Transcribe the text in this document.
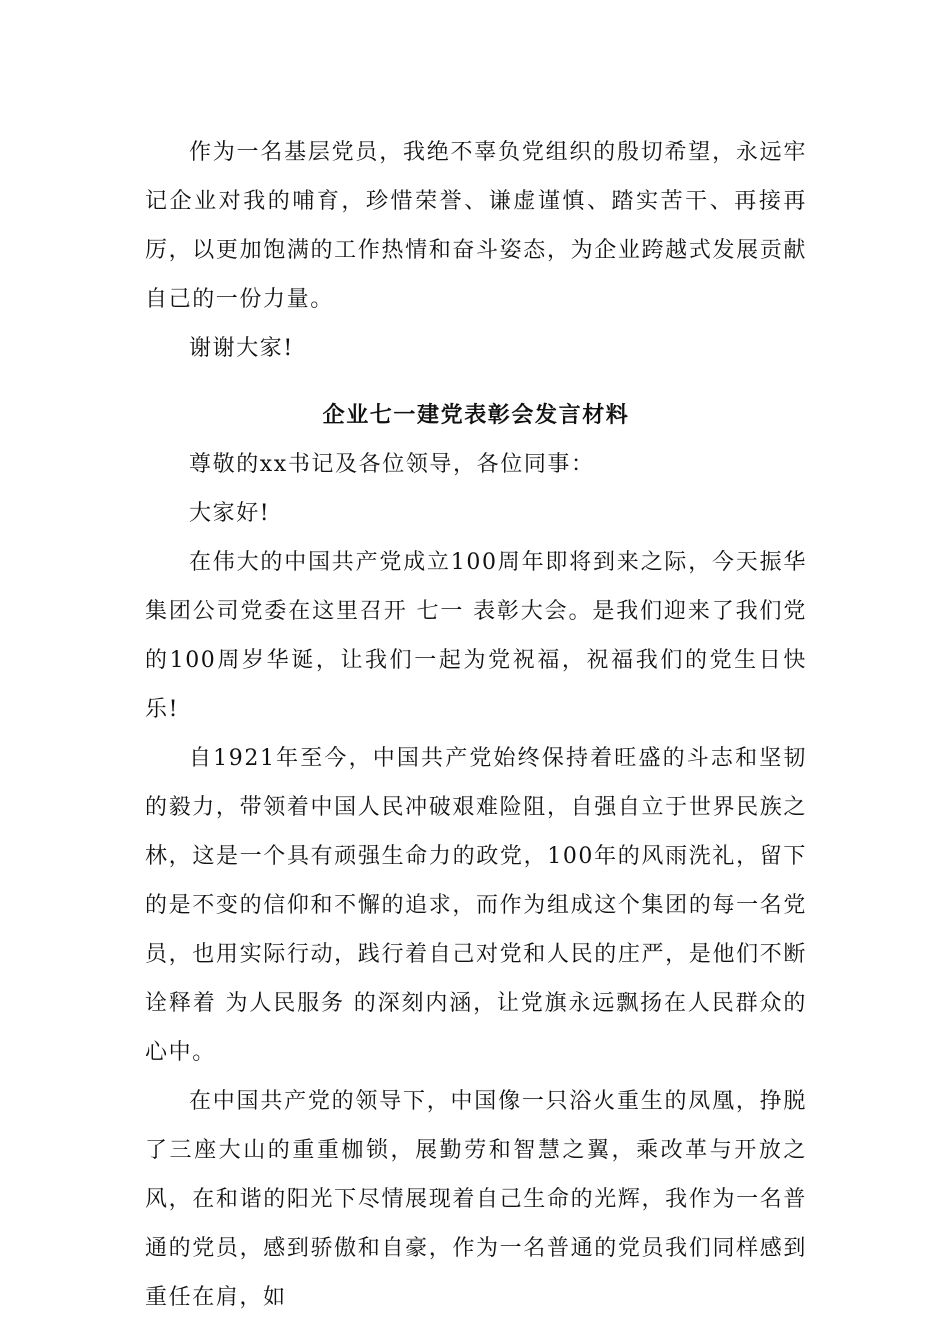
作为一名基层党员，我绝不辜负党组织的殷切希望，永远牢记企业对我的哺育，珍惜荣誉、谦虚谨慎、踏实苦干、再接再厉，以更加饱满的工作热情和奋斗姿态，为企业跨越式发展贡献自己的一份力量。

谢谢大家!

企业七一建党表彰会发言材料

尊敬的xx书记及各位领导，各位同事：

大家好!

在伟大的中国共产党成立100周年即将到来之际，今天振华集团公司党委在这里召开 七一 表彰大会。是我们迎来了我们党的100周岁华诞，让我们一起为党祝福，祝福我们的党生日快乐!

自1921年至今，中国共产党始终保持着旺盛的斗志和坚韧的毅力，带领着中国人民冲破艰难险阻，自强自立于世界民族之林，这是一个具有顽强生命力的政党，100年的风雨洗礼，留下的是不变的信仰和不懈的追求，而作为组成这个集团的每一名党员，也用实际行动，践行着自己对党和人民的庄严，是他们不断诠释着 为人民服务 的深刻内涵，让党旗永远飘扬在人民群众的心中。

在中国共产党的领导下，中国像一只浴火重生的凤凰，挣脱了三座大山的重重枷锁，展勤劳和智慧之翼，乘改革与开放之风，在和谐的阳光下尽情展现着自己生命的光辉，我作为一名普通的党员，感到骄傲和自豪，作为一名普通的党员我们同样感到重任在肩，如
